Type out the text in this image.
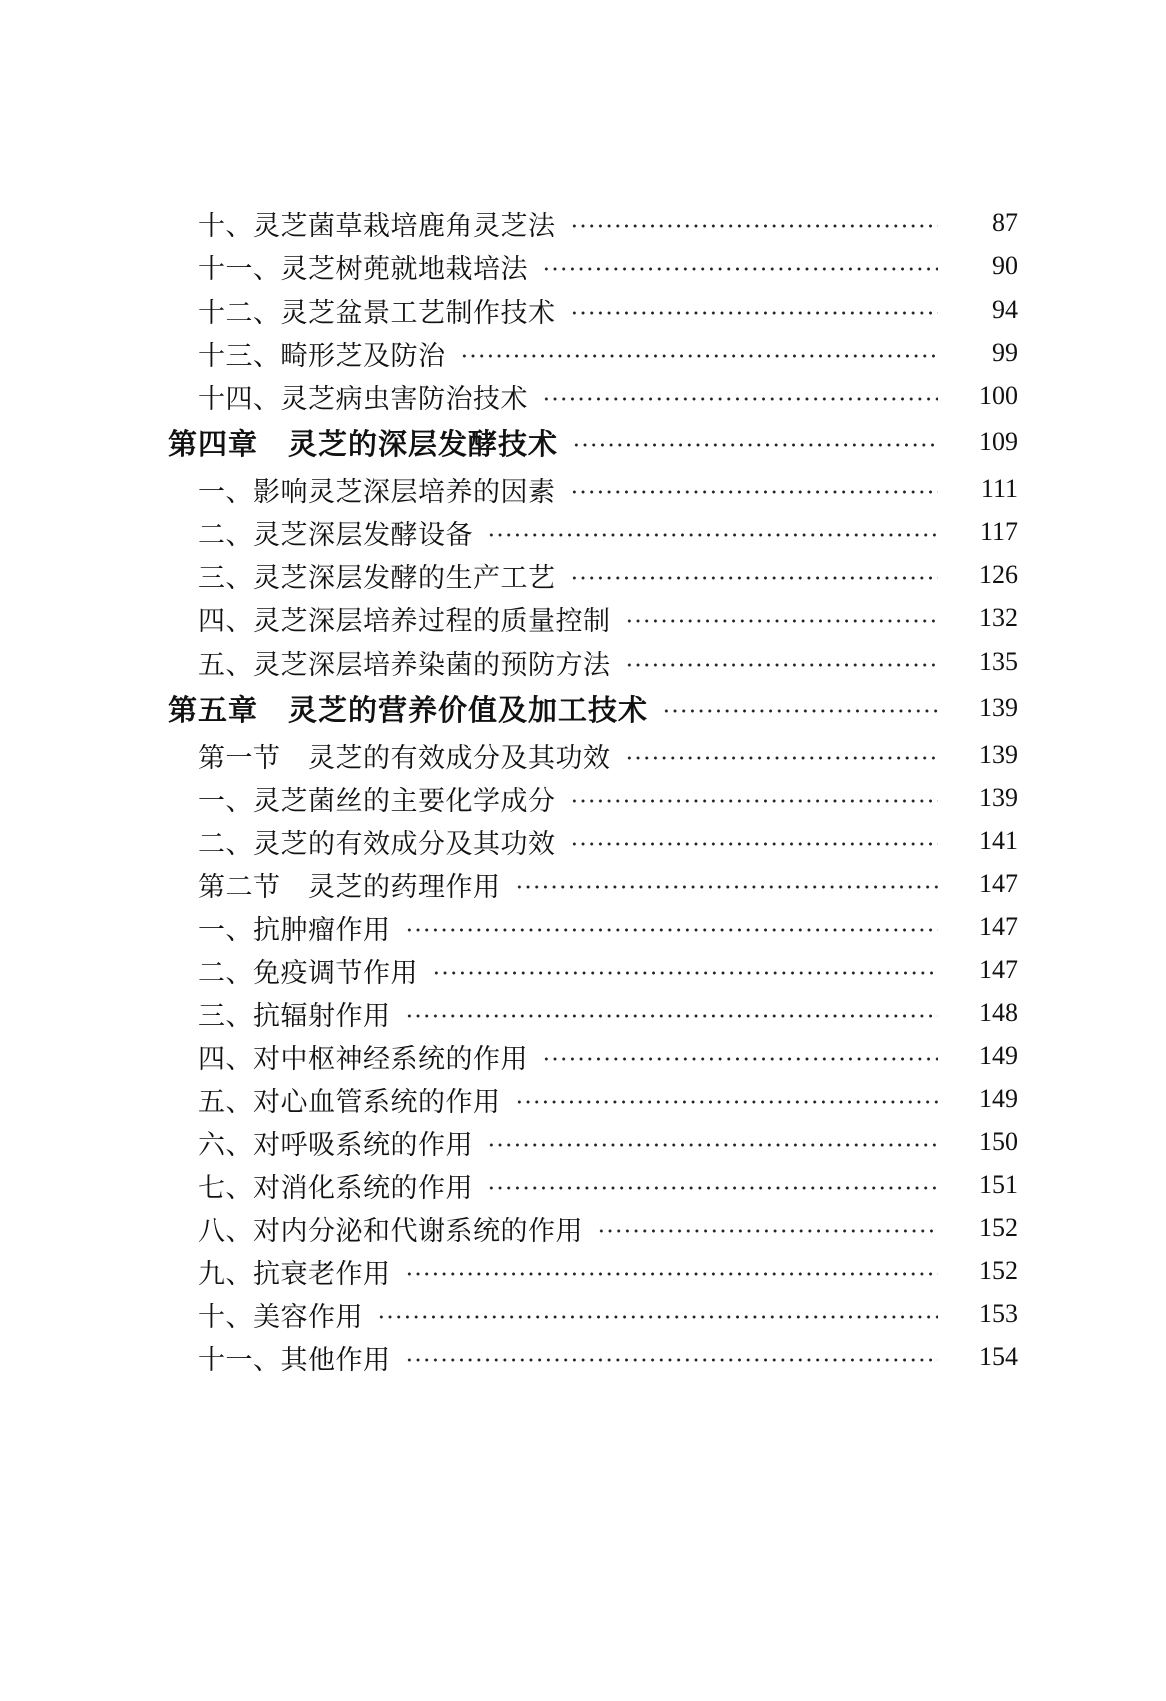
十、灵芝菌草栽培鹿角灵芝法	87
十一、灵芝树蔸就地栽培法	90
十二、灵芝盆景工艺制作技术	94
十三、畸形芝及防治	99
十四、灵芝病虫害防治技术	100
第四章　灵芝的深层发酵技术	109
一、影响灵芝深层培养的因素	111
二、灵芝深层发酵设备	117
三、灵芝深层发酵的生产工艺	126
四、灵芝深层培养过程的质量控制	132
五、灵芝深层培养染菌的预防方法	135
第五章　灵芝的营养价值及加工技术	139
第一节　灵芝的有效成分及其功效	139
一、灵芝菌丝的主要化学成分	139
二、灵芝的有效成分及其功效	141
第二节　灵芝的药理作用	147
一、抗肿瘤作用	147
二、免疫调节作用	147
三、抗辐射作用	148
四、对中枢神经系统的作用	149
五、对心血管系统的作用	149
六、对呼吸系统的作用	150
七、对消化系统的作用	151
八、对内分泌和代谢系统的作用	152
九、抗衰老作用	152
十、美容作用	153
十一、其他作用	154
